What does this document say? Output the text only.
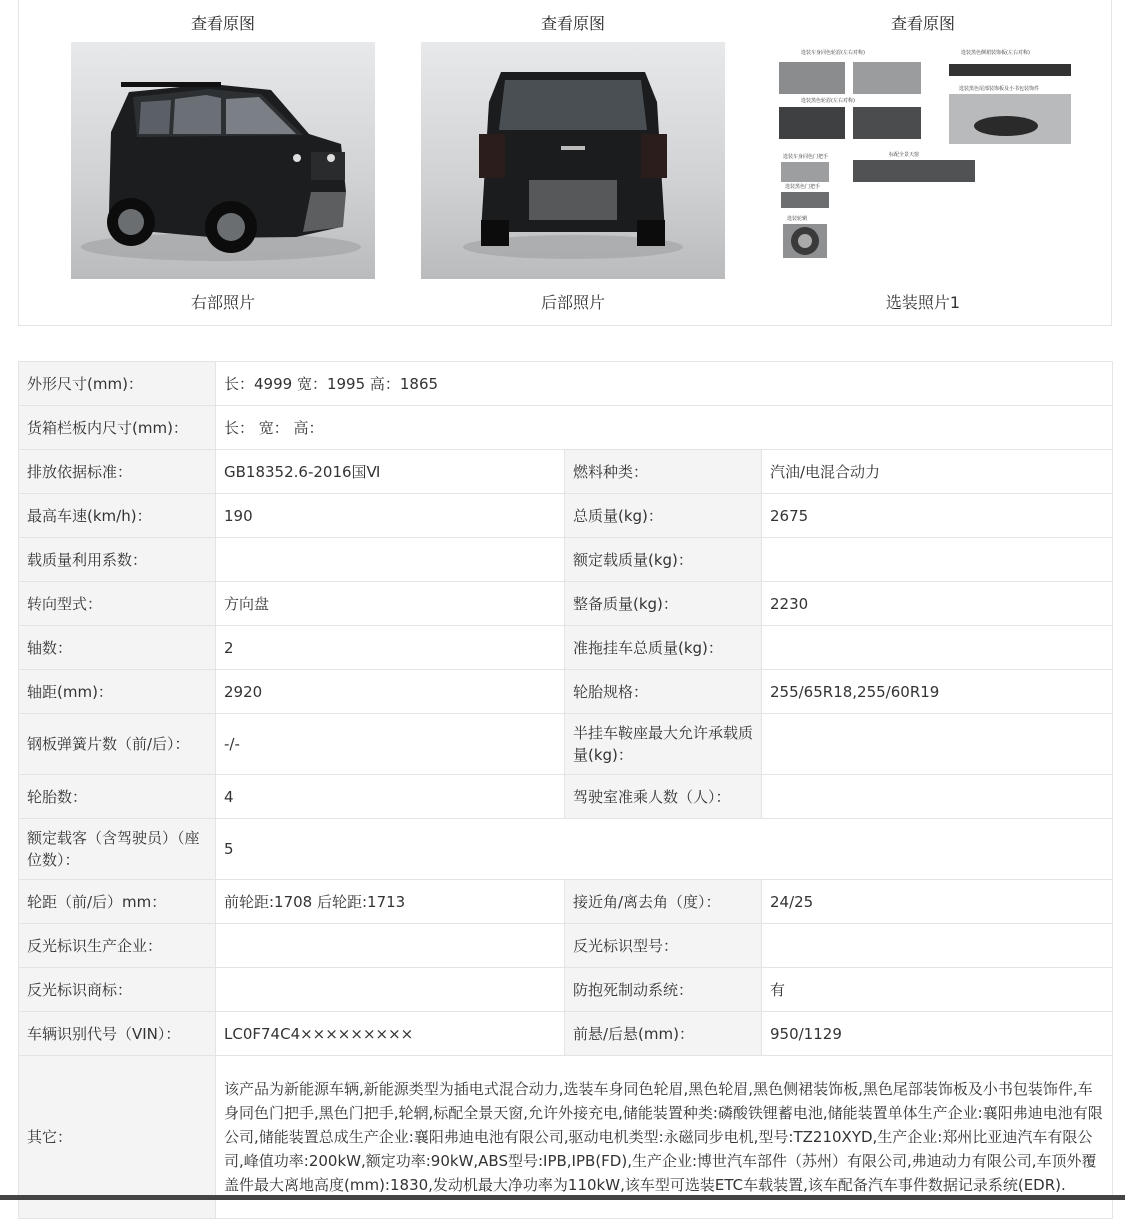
查看原图
右部照片
查看原图
后部照片
查看原图
选装车身同色轮眉(左右对称)	选装黑色侧裙装饰板(左右对称)
选装黑色轮眉(左右对称)
选装黑色尾部装饰板及小书包装饰件
选装车身同色门把手	标配全景天窗
选装黑色门把手
选装轮辋
选装照片1
外形尺寸(mm)：	长：4999 宽：1995 高：1865		
货箱栏板内尺寸(mm)：	长： 宽： 高：		
排放依据标准：	GB18352.6-2016国Ⅵ	燃料种类：	汽油/电混合动力
最高车速(km/h)：	190	总质量(kg)：	2675
载质量利用系数：		额定载质量(kg)：	
转向型式：	方向盘	整备质量(kg)：	2230
轴数：	2	准拖挂车总质量(kg)：	
轴距(mm)：	2920	轮胎规格：	255/65R18,255/60R19
钢板弹簧片数（前/后）：	-/-	半挂车鞍座最大允许承载质量(kg)：	
轮胎数：	4	驾驶室准乘人数（人）：	
额定载客（含驾驶员）（座位数）：	5		
轮距（前/后）mm：	前轮距:1708 后轮距:1713	接近角/离去角（度）：	24/25
反光标识生产企业：		反光标识型号：	
反光标识商标：		防抱死制动系统：	有
车辆识别代号（VIN）：	LC0F74C4×××××××××	前悬/后悬(mm)：	950/1129
其它：	该产品为新能源车辆,新能源类型为插电式混合动力,选装车身同色轮眉,黑色轮眉,黑色侧裙装饰板,黑色尾部装饰板及小书包装饰件,车身同色门把手,黑色门把手,轮辋,标配全景天窗,允许外接充电,储能装置种类:磷酸铁锂蓄电池,储能装置单体生产企业:襄阳弗迪电池有限公司,储能装置总成生产企业:襄阳弗迪电池有限公司,驱动电机类型:永磁同步电机,型号:TZ210XYD,生产企业:郑州比亚迪汽车有限公司,峰值功率:200kW,额定功率:90kW,ABS型号:IPB,IPB(FD),生产企业:博世汽车部件（苏州）有限公司,弗迪动力有限公司,车顶外覆盖件最大离地高度(mm):1830,发动机最大净功率为110kW,该车型可选装ETC车载装置,该车配备汽车事件数据记录系统(EDR).		
